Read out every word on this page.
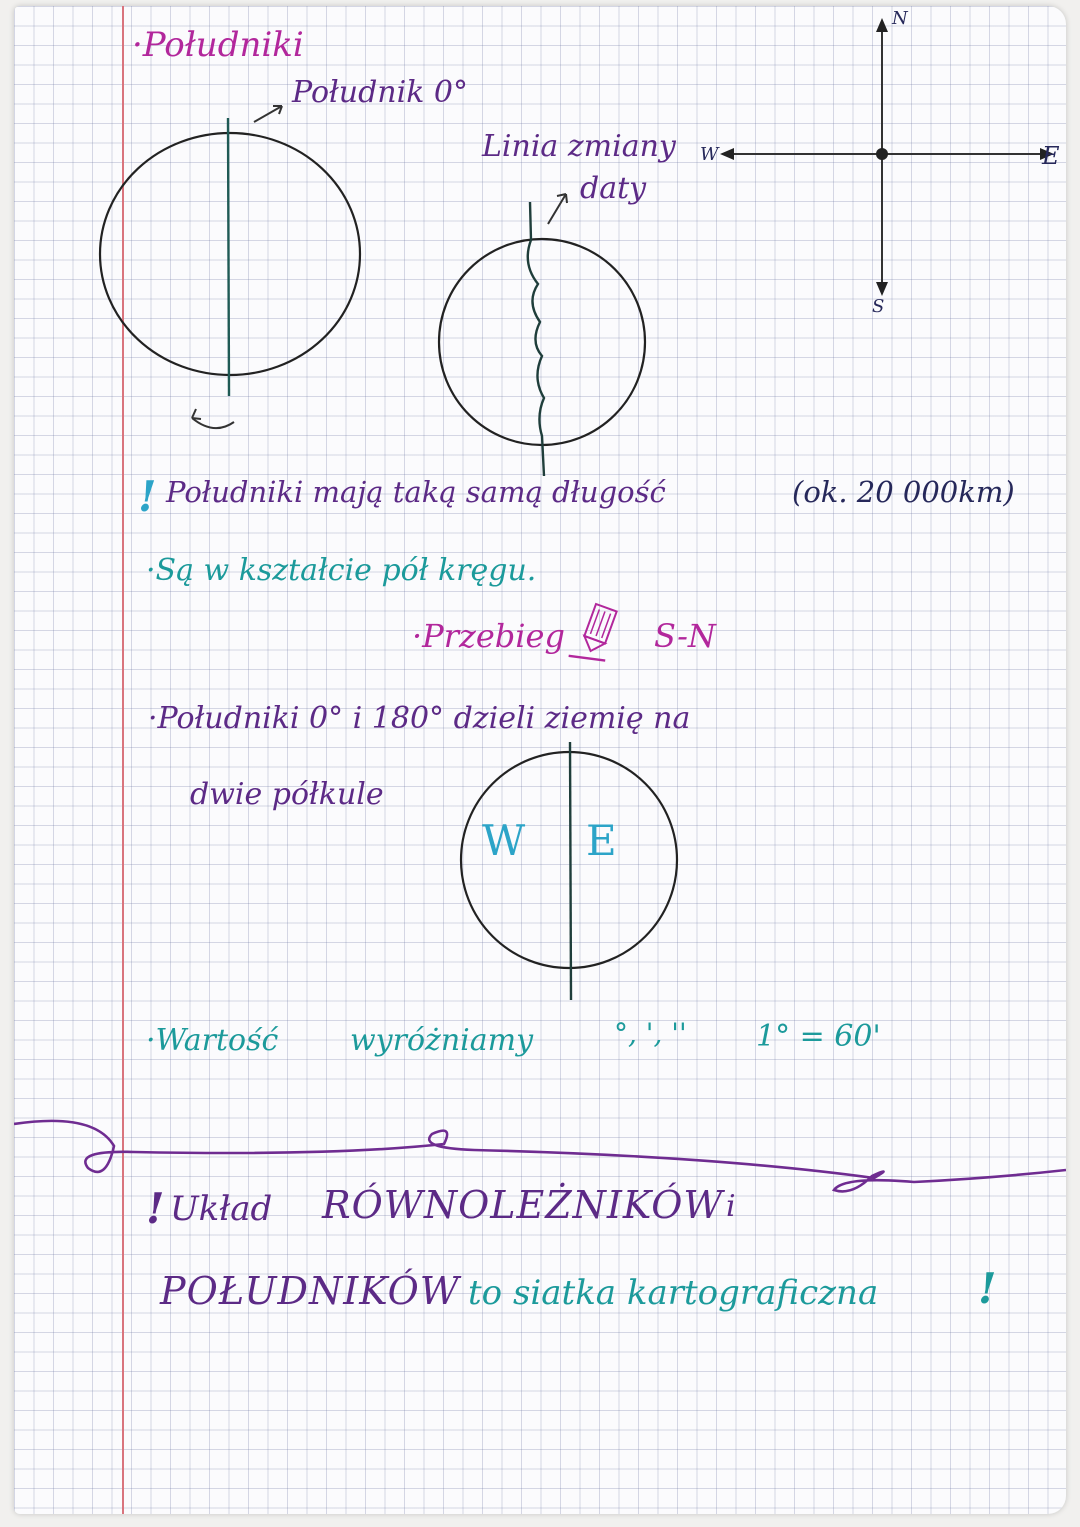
·Południki
Południk 0°
Linia zmiany
daty
N
S
W	E
! Południki mają taką samą długość	(ok. 20 000km)
·Są w kształcie pół kręgu.
·Przebieg	S-N
·Południki 0° i 180° dzieli ziemię na
dwie półkule
W E
·Wartość wyróżniamy	°, ', '' 1° = 60'
! Układ RÓWNOLEŻNIKÓW i
POŁUDNIKÓW to siatka kartograficzna !
